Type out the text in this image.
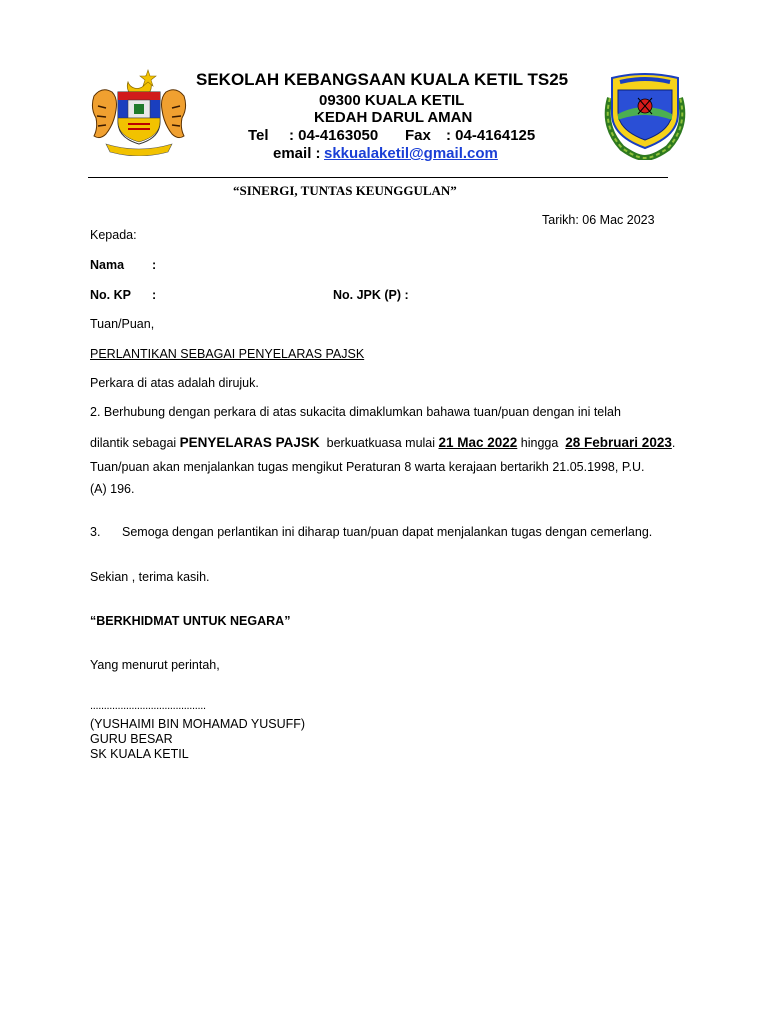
SEKOLAH KEBANGSAAN KUALA KETIL TS25
09300 KUALA KETIL
KEDAH DARUL AMAN
Tel : 04-4163050 Fax : 04-4164125
email : skkualaketil@gmail.com
“SINERGI, TUNTAS KEUNGGULAN”
Tarikh: 06 Mac 2023
Kepada:
Nama :
No. KP :	No. JPK (P) :
Tuan/Puan,
PERLANTIKAN SEBAGAI PENYELARAS PAJSK
Perkara di atas adalah dirujuk.
2. Berhubung dengan perkara di atas sukacita dimaklumkan bahawa tuan/puan dengan ini telah
dilantik sebagai PENYELARAS PAJSK  berkuatkuasa mulai 21 Mac 2022 hingga  28 Februari 2023.
Tuan/puan akan menjalankan tugas mengikut Peraturan 8 warta kerajaan bertarikh 21.05.1998, P.U.
(A) 196.
3. Semoga dengan perlantikan ini diharap tuan/puan dapat menjalankan tugas dengan cemerlang.
Sekian , terima kasih.
“BERKHIDMAT UNTUK NEGARA”
Yang menurut perintah,
..........................................
(YUSHAIMI BIN MOHAMAD YUSUFF)
GURU BESAR
SK KUALA KETIL
